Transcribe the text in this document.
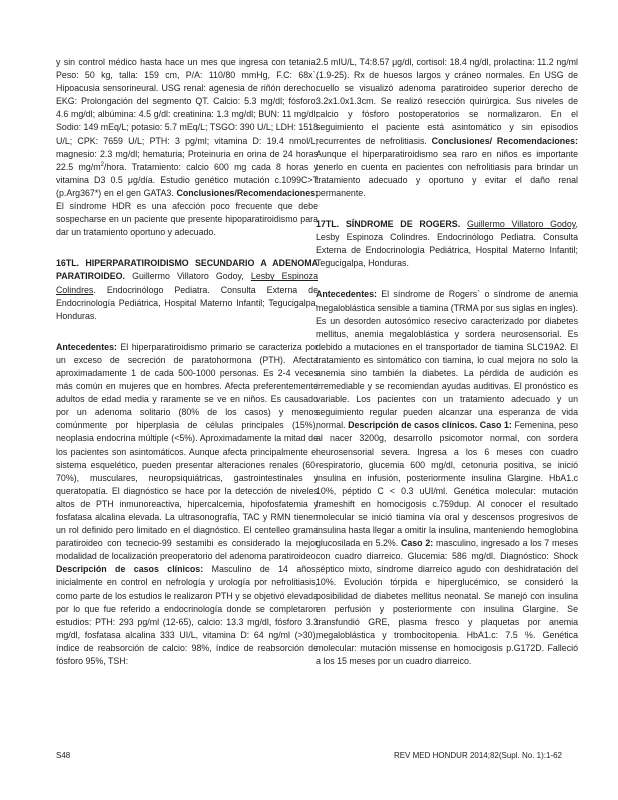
y sin control médico hasta hace un mes que ingresa con tetania. Peso: 50 kg, talla: 159 cm, P/A: 110/80 mmHg, F.C: 68x`. Hipoacusia sensorineural. USG renal: agenesia de riñón derecho. EKG: Prolongación del segmento QT. Calcio: 5.3 mg/dl; fósforo: 4.6 mg/dl; albúmina: 4.5 g/dl: creatinina: 1.3 mg/dl; BUN: 11 mg/dl; Sodio: 149 mEq/L; potasio: 5.7 mEq/L; TSGO: 390 U/L; LDH: 1518 U/L; CPK: 7659 U/L; PTH: 3 pg/ml; vitamina D: 19.4 nmol/L; magnesio: 2.3 mg/dl; hematuria; Proteinuria en orina de 24 horas 22.5 $mg/m^2$/hora. Tratamiento: calcio 600 mg cada 8 horas y vitamina D3 0.5 μg/día. Estudio genético mutación c.1099C>T (p.Arg367*) en el gen GATA3. Conclusiones/Recomendaciones: El síndrome HDR es una afección poco frecuente que debe sospecharse en un paciente que presente hipoparatiroidismo para dar un tratamiento oportuno y adecuado.

16TL. HIPERPARATIROIDISMO SECUNDARIO A ADENOMA PARATIROIDEO. Guillermo Villatoro Godoy, Lesby Espinoza Colindres. Endocrinólogo Pediatra. Consulta Externa de Endocrinología Pediátrica, Hospital Materno Infantil; Tegucigalpa, Honduras.

Antecedentes: El hiperparatiroidismo primario se caracteriza por un exceso de secreción de paratohormona (PTH). Afecta aproximadamente 1 de cada 500-1000 personas. Es 2-4 veces más común en mujeres que en hombres. Afecta preferentemente adultos de edad media y raramente se ve en niños. Es causado por un adenoma solitario (80% de los casos) y menos comúnmente por hiperplasia de células principales (15%), neoplasia endocrina múltiple (<5%). Aproximadamente la mitad de los pacientes son asintomáticos. Aunque afecta principalmente el sistema esquelético, pueden presentar alteraciones renales (60-70%), musculares, neuropsiquiátricas, gastrointestinales y queratopatía. El diagnóstico se hace por la detección de niveles altos de PTH inmunoreactiva, hipercalcemia, hipofosfatemia y fosfatasa alcalina elevada. La ultrasonografía, TAC y RMN tienen un rol definido pero limitado en el diagnóstico. El centelleo grama paratiroideo con tecnecio-99 sestamibi es considerado la mejor modalidad de localización preoperatorio del adenoma paratiroideo. Descripción de casos clínicos: Masculino de 14 años, inicialmente en control en nefrología y urología por nefrolitiasis, como parte de los estudios le realizaron PTH y se objetivó elevada por lo que fue referido a endocrinología donde se completaron estudios: PTH: 293 pg/ml (12-65), calcio: 13.3 mg/dl, fósforo 3.3 mg/dl, fosfatasa alcalina 333 UI/L, vitamina D: 64 ng/ml (>30), índice de reabsorción de calcio: 98%, índice de reabsorción de fósforo 95%, TSH:

2.5 mIU/L, T4:8.57 μg/dl, cortisol: 18.4 ng/dl, prolactina: 11.2 ng/ml (1.9-25). Rx de huesos largos y cráneo normales. En USG de cuello se visualizó adenoma paratiroideo superior derecho de 3.2x1.0x1.3cm. Se realizó resección quirúrgica. Sus niveles de calcio y fósforo postoperatorios se normalizaron. En el seguimiento el paciente está asintomático y sin episodios recurrentes de nefrolitiasis. Conclusiones/ Recomendaciones: Aunque el hiperparatiroidismo sea raro en niños es importante tenerlo en cuenta en pacientes con nefrolitiasis para brindar un tratamiento adecuado y oportuno y evitar el daño renal permanente.

17TL. SÍNDROME DE ROGERS. Guillermo Villatoro Godoy, Lesby Espinoza Colindres. Endocrinólogo Pediatra. Consulta Externa de Endocrinología Pediátrica, Hospital Materno Infantil; Tegucigalpa, Honduras.

Antecedentes: El síndrome de Rogers` o síndrome de anemia megaloblástica sensible a tiamina (TRMA por sus siglas en ingles). Es un desorden autosómico resecivo caracterizado por diabetes mellitus, anemia megaloblástica y sordera neurosensorial. Es debido a mutaciones en el transportador de tiamina SLC19A2. El tratamiento es sintomático con tiamina, lo cual mejora no solo la anemia sino también la diabetes. La pérdida de audición es irremediable y se recomiendan ayudas auditivas. El pronóstico es variable. Los pacientes con un tratamiento adecuado y un seguimiento regular pueden alcanzar una esperanza de vida normal. Descripción de casos clínicos. Caso 1: Femenina, peso al nacer 3200g, desarrollo psicomotor normal, con sordera neurosensorial severa. Ingresa a los 6 meses con cuadro respiratorio, glucemia 600 mg/dl, cetonuria positiva, se inició insulina en infusión, posteriormente insulina Glargine. HbA1.c 10%, péptido C < 0.3 uUI/ml. Genética molecular: mutación frameshift en homocigosis c.759dup. Al conocer el resultado molecular se inició tiamina vía oral y descensos progresivos de insulina hasta llegar a omitir la insulina, manteniendo hemoglobina glucosilada en 5.2%. Caso 2: masculino, ingresado a los 7 meses con cuadro diarreico. Glucemia: 586 mg/dl. Diagnóstico: Shock séptico mixto, síndrome diarreico agudo con deshidratación del 10%. Evolución tórpida e hiperglucémico, se consideró la posibilidad de diabetes mellitus neonatal. Se manejó con insulina en perfusión y posteriormente con insulina Glargine. Se transfundió GRE, plasma fresco y plaquetas por anemia megaloblástica y trombocitopenia. HbA1.c: 7.5 %. Genética molecular: mutación missense en homocigosis p.G172D. Falleció a los 15 meses por un cuadro diarreico.

S48	REV MED HONDUR 2014;82(Supl. No. 1):1-62
